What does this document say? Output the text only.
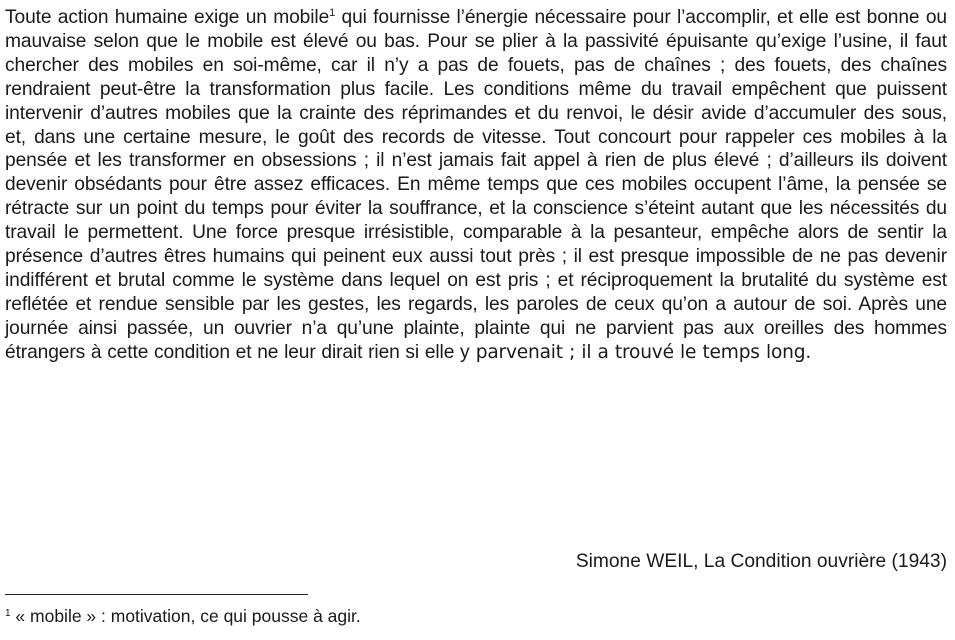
Toute action humaine exige un mobile$^1$ qui fournisse l’énergie nécessaire pour l’accomplir, et elle est bonne ou mauvaise selon que le mobile est élevé ou bas. Pour se plier à la passivité épuisante qu’exige l’usine, il faut chercher des mobiles en soi-même, car il n’y a pas de fouets, pas de chaînes ; des fouets, des chaînes rendraient peut-être la transformation plus facile. Les conditions même du travail empêchent que puissent intervenir d’autres mobiles que la crainte des réprimandes et du renvoi, le désir avide d’accumuler des sous, et, dans une certaine mesure, le goût des records de vitesse. Tout concourt pour rappeler ces mobiles à la pensée et les transformer en obsessions ; il n’est jamais fait appel à rien de plus élevé ; d’ailleurs ils doivent devenir obsédants pour être assez efficaces. En même temps que ces mobiles occupent l’âme, la pensée se rétracte sur un point du temps pour éviter la souffrance, et la conscience s’éteint autant que les nécessités du travail le permettent. Une force presque irrésistible, comparable à la pesanteur, empêche alors de sentir la présence d’autres êtres humains qui peinent eux aussi tout près ; il est presque impossible de ne pas devenir indifférent et brutal comme le système dans lequel on est pris ; et réciproquement la brutalité du système est reflétée et rendue sensible par les gestes, les regards, les paroles de ceux qu’on a autour de soi. Après une journée ainsi passée, un ouvrier n’a qu’une plainte, plainte qui ne parvient pas aux oreilles des hommes étrangers à cette condition et ne leur dirait rien si elle y parvenait ; il a trouvé le temps long.

Simone WEIL, La Condition ouvrière (1943)

$^1$ « mobile » : motivation, ce qui pousse à agir.
